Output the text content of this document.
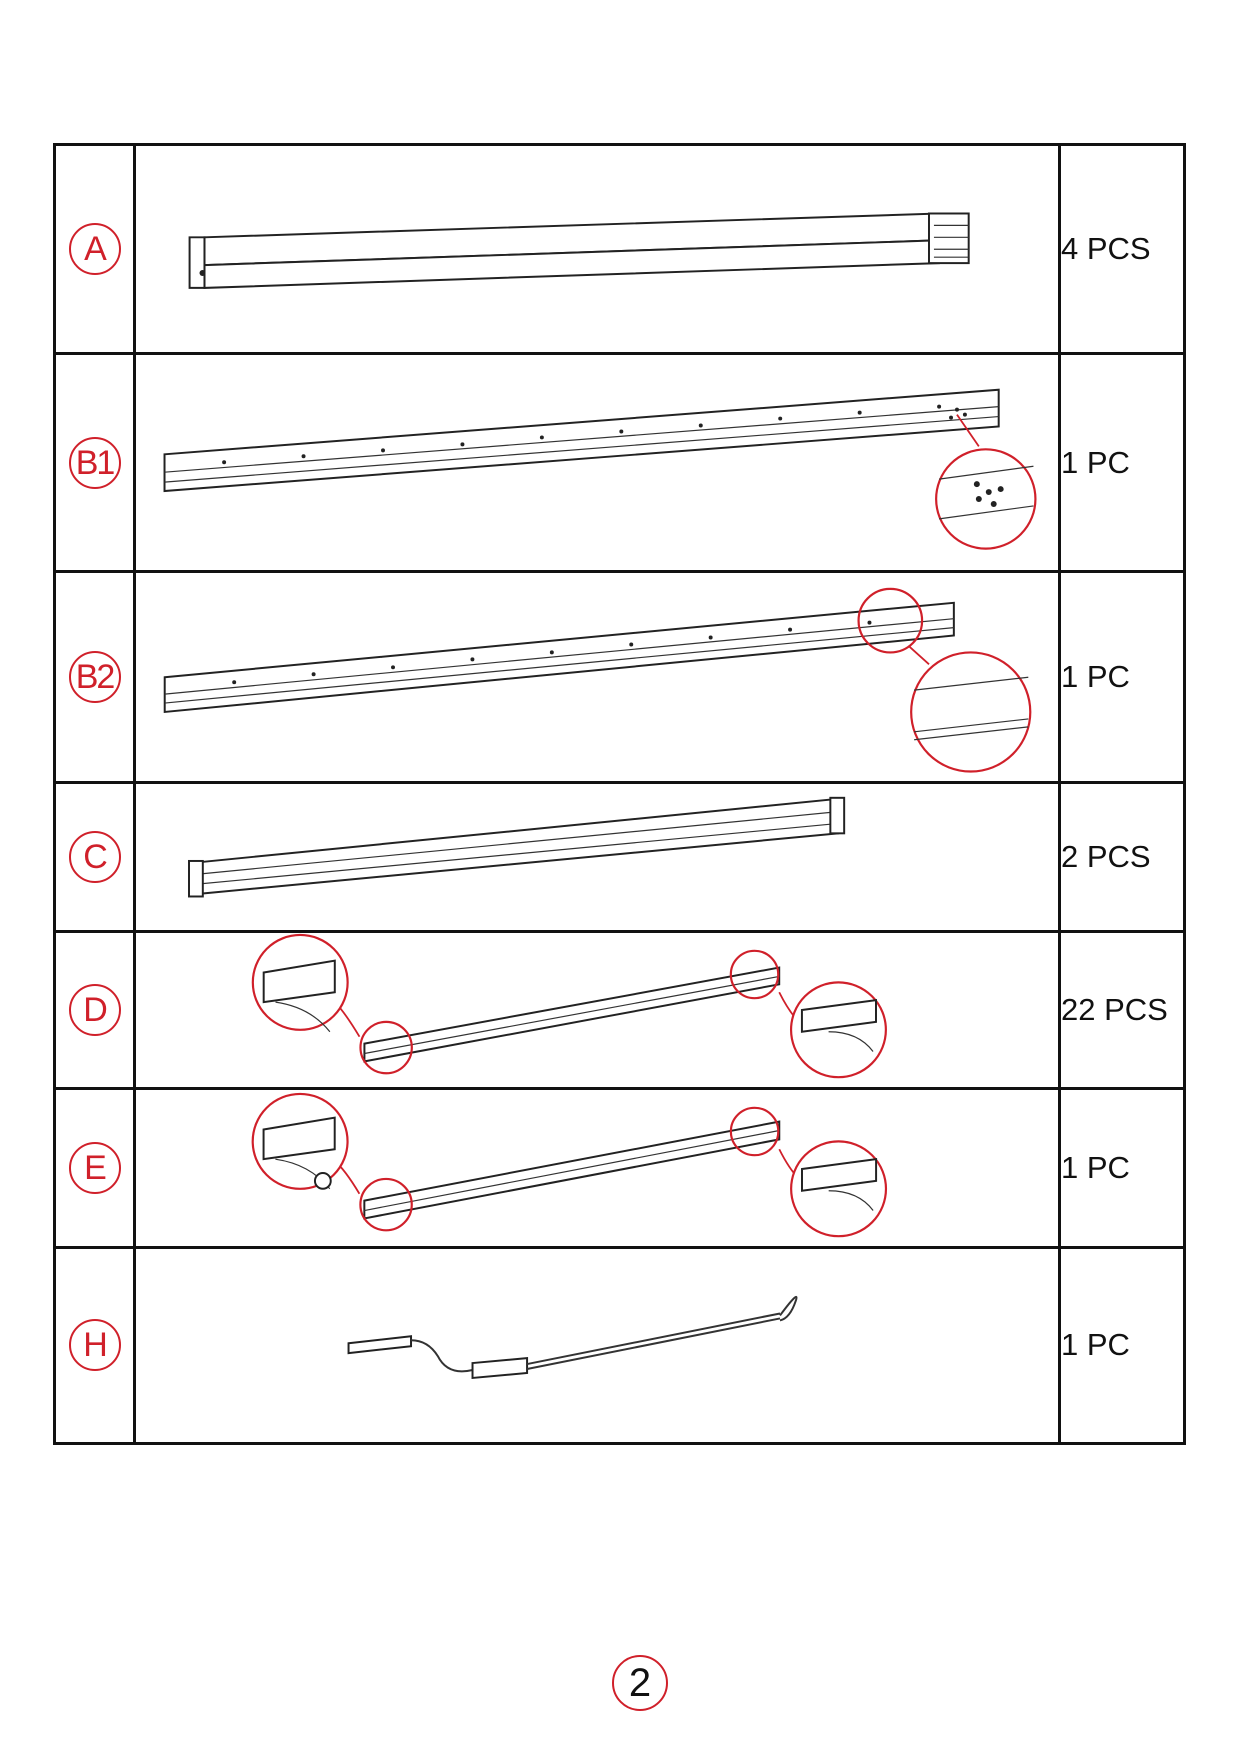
A		4 PCS
B1		1 PC
B2		1 PC
C		2 PCS
D		22 PCS
E		1 PC
H		1 PC
2
